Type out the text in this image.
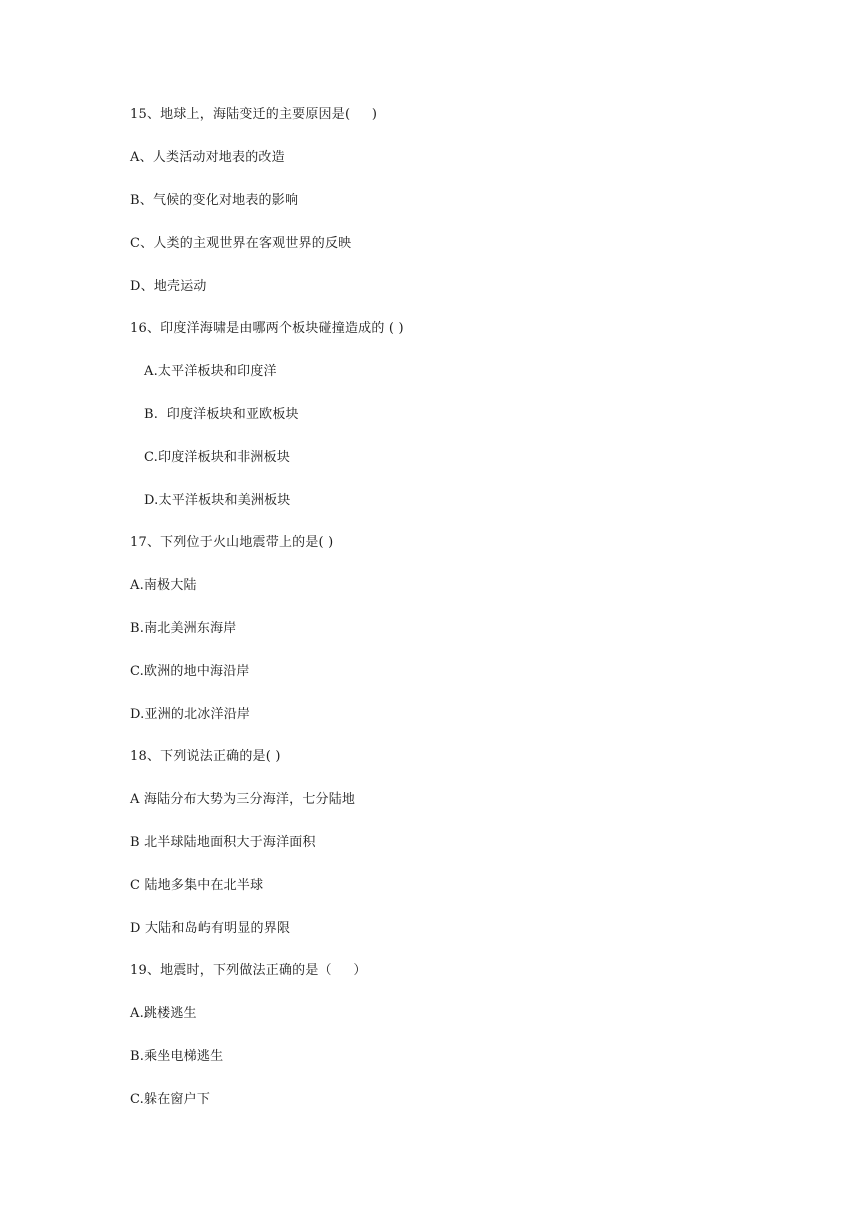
15、地球上，海陆变迁的主要原因是(     )
A、人类活动对地表的改造
B、气候的变化对地表的影响
C、人类的主观世界在客观世界的反映
D、地壳运动
16、印度洋海啸是由哪两个板块碰撞造成的 ( )
A.太平洋板块和印度洋
B.  印度洋板块和亚欧板块
C.印度洋板块和非洲板块
D.太平洋板块和美洲板块
17、下列位于火山地震带上的是( )
A.南极大陆
B.南北美洲东海岸
C.欧洲的地中海沿岸
D.亚洲的北冰洋沿岸
18、下列说法正确的是( )
A 海陆分布大势为三分海洋，七分陆地
B 北半球陆地面积大于海洋面积
C 陆地多集中在北半球
D 大陆和岛屿有明显的界限
19、地震时，下列做法正确的是（     ）
A.跳楼逃生
B.乘坐电梯逃生
C.躲在窗户下
